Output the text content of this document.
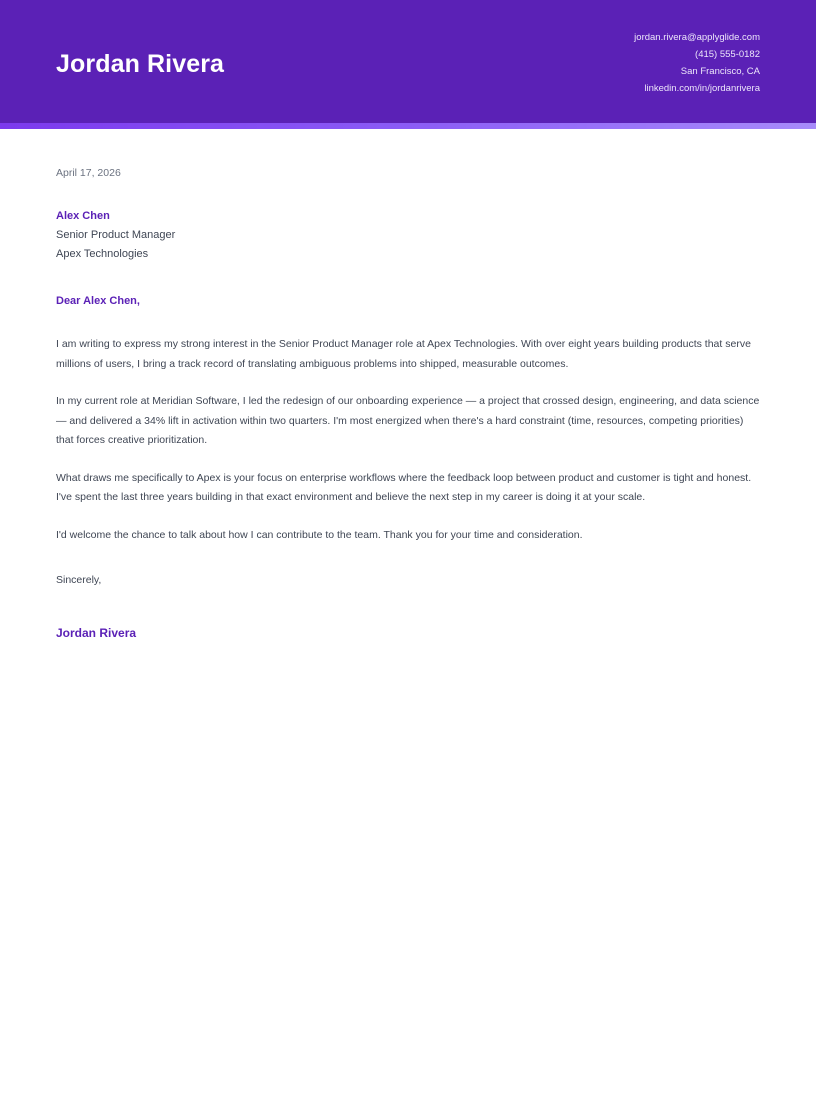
Jordan Rivera
jordan.rivera@applyglide.com
(415) 555-0182
San Francisco, CA
linkedin.com/in/jordanrivera

April 17, 2026

Alex Chen

Senior Product Manager

Apex Technologies

Dear Alex Chen,

I am writing to express my strong interest in the Senior Product Manager role at Apex Technologies. With over eight years building products that serve millions of users, I bring a track record of translating ambiguous problems into shipped, measurable outcomes.

In my current role at Meridian Software, I led the redesign of our onboarding experience — a project that crossed design, engineering, and data science — and delivered a 34% lift in activation within two quarters. I'm most energized when there's a hard constraint (time, resources, competing priorities) that forces creative prioritization.

What draws me specifically to Apex is your focus on enterprise workflows where the feedback loop between product and customer is tight and honest. I've spent the last three years building in that exact environment and believe the next step in my career is doing it at your scale.

I'd welcome the chance to talk about how I can contribute to the team. Thank you for your time and consideration.

Sincerely,

Jordan Rivera
